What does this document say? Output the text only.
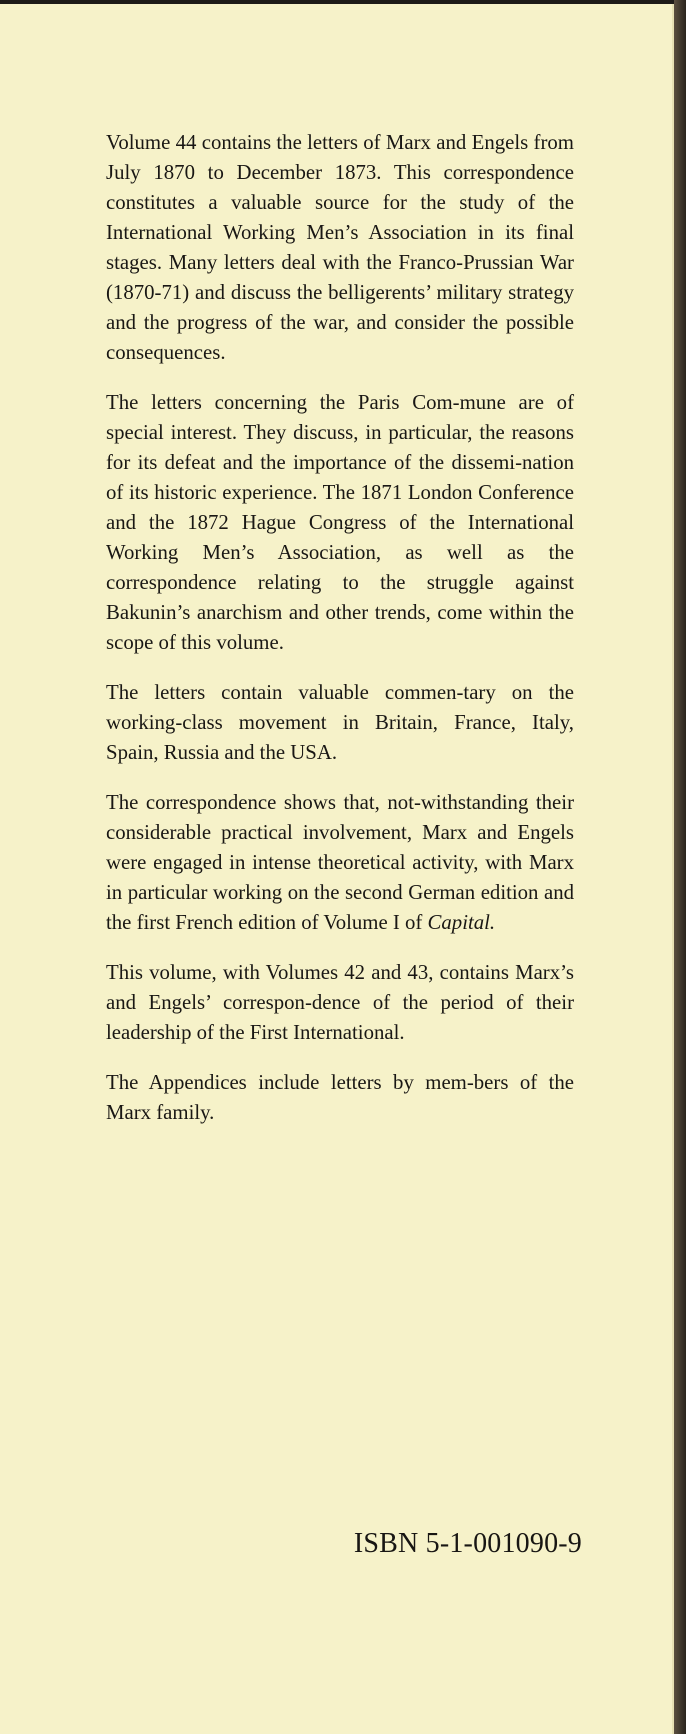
Volume 44 contains the letters of Marx and Engels from July 1870 to December 1873. This correspondence constitutes a valuable source for the study of the International Working Men’s Association in its final stages. Many letters deal with the Franco-Prussian War (1870-71) and discuss the belligerents’ military strategy and the progress of the war, and consider the possible consequences.

The letters concerning the Paris Com-mune are of special interest. They discuss, in particular, the reasons for its defeat and the importance of the dissemi-nation of its historic experience. The 1871 London Conference and the 1872 Hague Congress of the International Working Men’s Association, as well as the correspondence relating to the struggle against Bakunin’s anarchism and other trends, come within the scope of this volume.

The letters contain valuable commen-tary on the working-class movement in Britain, France, Italy, Spain, Russia and the USA.

The correspondence shows that, not-withstanding their considerable practical involvement, Marx and Engels were engaged in intense theoretical activity, with Marx in particular working on the second German edition and the first French edition of Volume I of Capital.

This volume, with Volumes 42 and 43, contains Marx’s and Engels’ correspon-dence of the period of their leadership of the First International.

The Appendices include letters by mem-bers of the Marx family.

ISBN 5-1-001090-9
